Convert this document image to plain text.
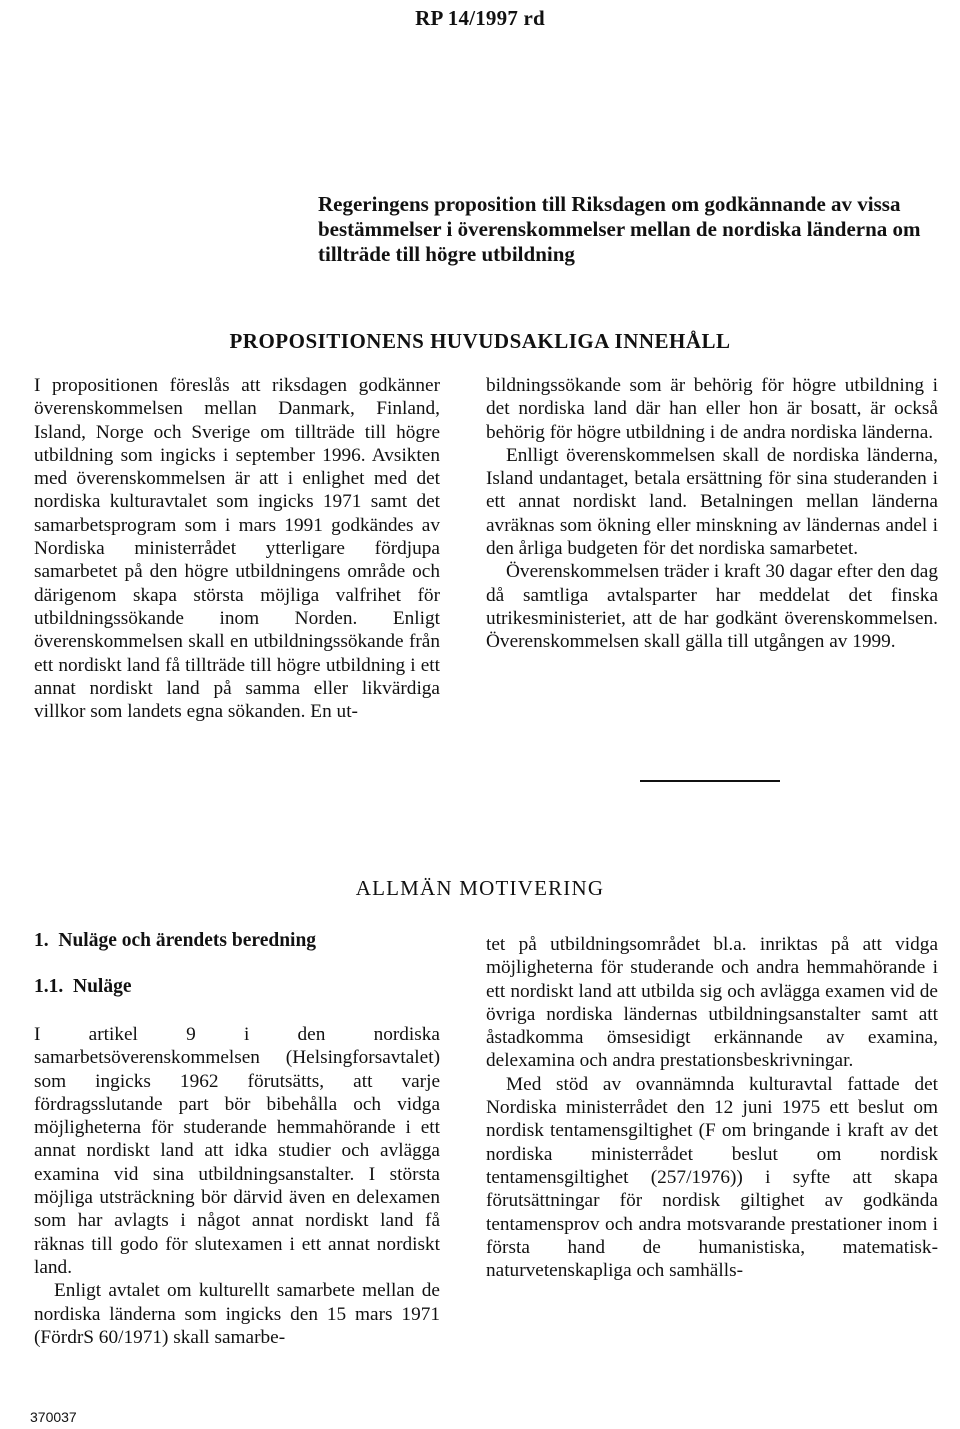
RP 14/1997 rd
Regeringens proposition till Riksdagen om godkännande av vissa bestämmelser i överenskommelser mellan de nordiska länderna om tillträde till högre utbildning
PROPOSITIONENS HUVUDSAKLIGA INNEHÅLL

I propositionen föreslås att riksdagen godkänner överenskommelsen mellan Danmark, Finland, Island, Norge och Sverige om tillträde till högre utbildning som ingicks i september 1996. Avsikten med överenskommelsen är att i enlighet med det nordiska kulturavtalet som ingicks 1971 samt det samarbetsprogram som i mars 1991 godkändes av Nordiska ministerrådet ytterligare fördjupa samarbetet på den högre utbildningens område och därigenom skapa största möjliga valfrihet för utbildningssökande inom Norden. Enligt överenskommelsen skall en utbildningssökande från ett nordiskt land få tillträde till högre utbildning i ett annat nordiskt land på samma eller likvärdiga villkor som landets egna sökanden. En ut-

bildningssökande som är behörig för högre utbildning i det nordiska land där han eller hon är bosatt, är också behörig för högre utbildning i de andra nordiska länderna.

Enlligt överenskommelsen skall de nordiska länderna, Island undantaget, betala ersättning för sina studeranden i ett annat nordiskt land. Betalningen mellan länderna avräknas som ökning eller minskning av ländernas andel i den årliga budgeten för det nordiska samarbetet.

Överenskommelsen träder i kraft 30 dagar efter den dag då samtliga avtalsparter har meddelat det finska utrikesministeriet, att de har godkänt överenskommelsen. Överenskommelsen skall gälla till utgången av 1999.

ALLMÄN MOTIVERING
1.  Nuläge och ärendets beredning
1.1.  Nuläge

I artikel 9 i den nordiska samarbetsöverenskommelsen (Helsingforsavtalet) som ingicks 1962 förutsätts, att varje fördragsslutande part bör bibehålla och vidga möjligheterna för studerande hemmahörande i ett annat nordiskt land att idka studier och avlägga examina vid sina utbildningsanstalter. I största möjliga utsträckning bör därvid även en delexamen som har avlagts i något annat nordiskt land få räknas till godo för slutexamen i ett annat nordiskt land.

Enligt avtalet om kulturellt samarbete mellan de nordiska länderna som ingicks den 15 mars 1971 (FördrS 60/1971) skall samarbe-

tet på utbildningsområdet bl.a. inriktas på att vidga möjligheterna för studerande och andra hemmahörande i ett nordiskt land att utbilda sig och avlägga examen vid de övriga nordiska ländernas utbildningsanstalter samt att åstadkomma ömsesidigt erkännande av examina, delexamina och andra prestationsbeskrivningar.

Med stöd av ovannämnda kulturavtal fattade det Nordiska ministerrådet den 12 juni 1975 ett beslut om nordisk tentamensgiltighet (F om bringande i kraft av det nordiska ministerrådet beslut om nordisk tentamensgiltighet (257/1976)) i syfte att skapa förutsättningar för nordisk giltighet av godkända tentamensprov och andra motsvarande prestationer inom i första hand de humanistiska, matematisk-naturvetenskapliga och samhälls-

370037
